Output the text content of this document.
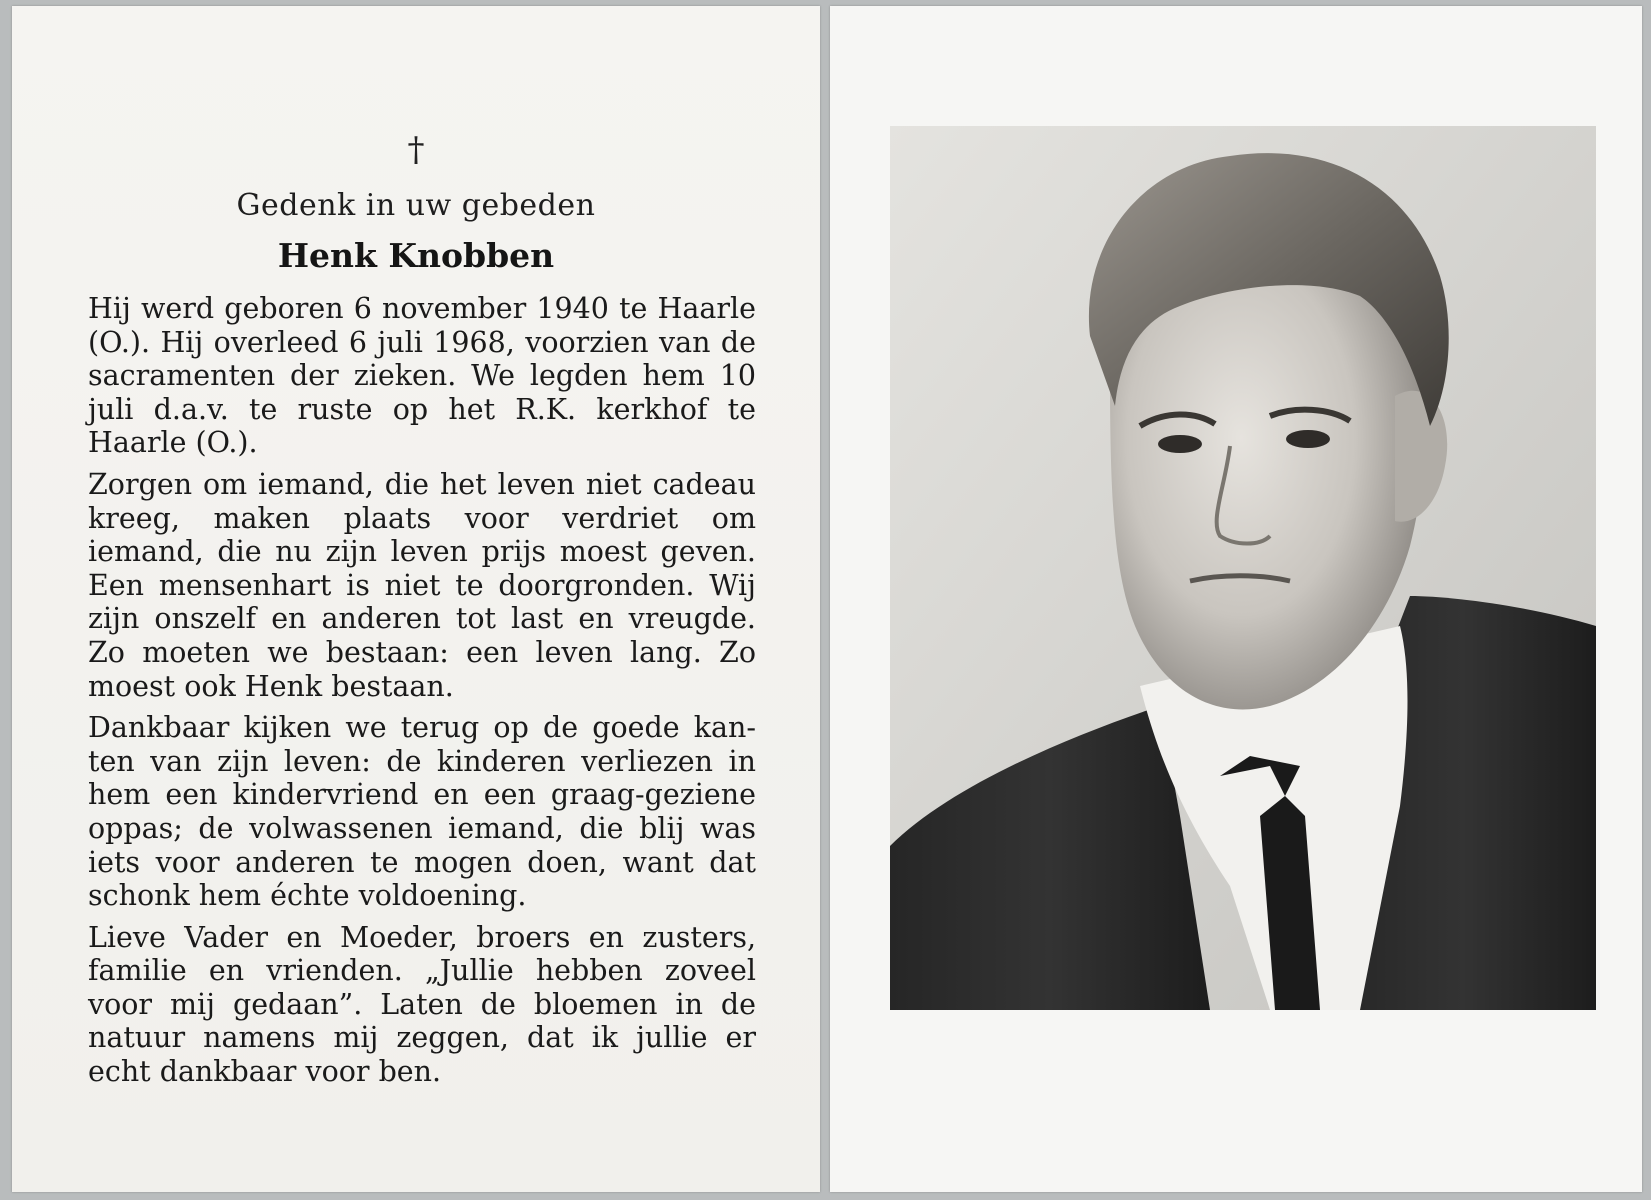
†
Gedenk in uw gebeden
Henk Knobben

Hij werd geboren 6 november 1940 te Haarle (O.). Hij overleed 6 juli 1968, voorzien van de sacramenten der zieken. We legden hem 10 juli d.a.v. te ruste op het R.K. kerkhof te Haarle (O.).

Zorgen om iemand, die het leven niet cadeau kreeg, maken plaats voor verdriet om iemand, die nu zijn leven prijs moest geven. Een mensenhart is niet te doorgronden. Wij zijn onszelf en anderen tot last en vreugde. Zo moeten we bestaan: een leven lang. Zo moest ook Henk bestaan.

Dankbaar kijken we terug op de goede kanten van zijn leven: de kinderen verliezen in hem een kindervriend en een graag-geziene oppas; de volwassenen iemand, die blij was iets voor anderen te mogen doen, want dat schonk hem échte voldoening.

Lieve Vader en Moeder, broers en zusters, familie en vrienden. „Jullie hebben zoveel voor mij gedaan”. Laten de bloemen in de natuur namens mij zeggen, dat ik jullie er echt dankbaar voor ben.
